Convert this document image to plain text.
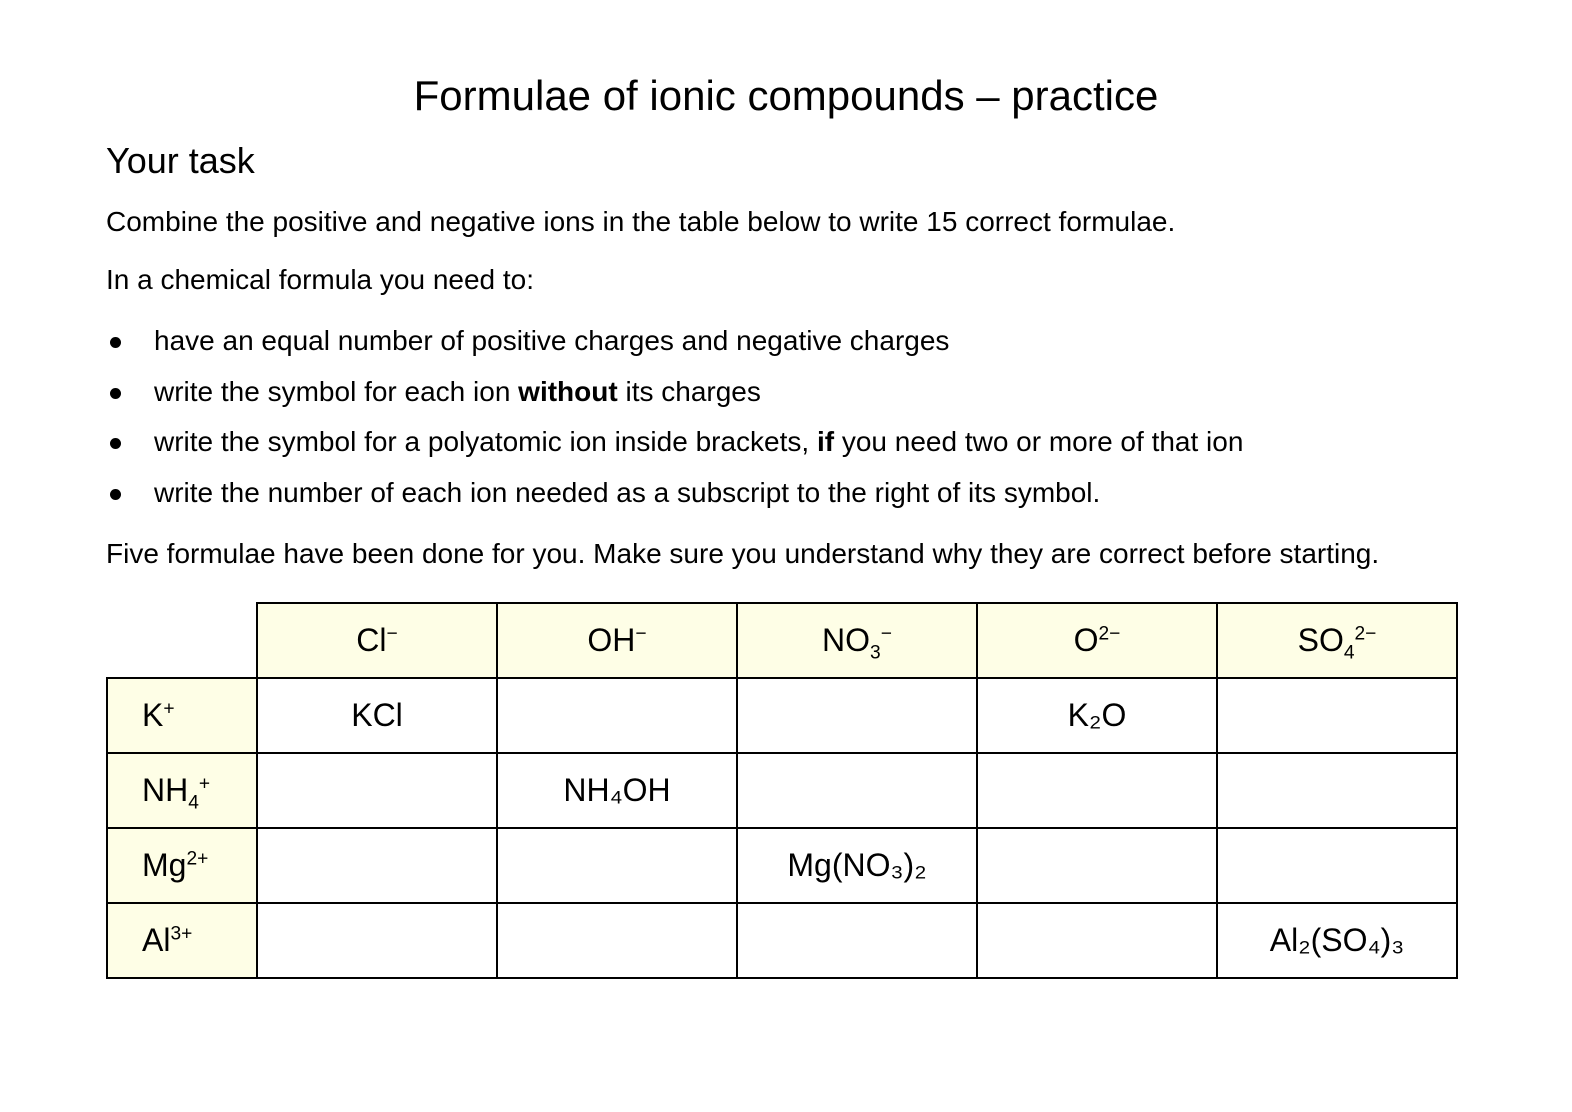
Formulae of ionic compounds – practice
Your task
Combine the positive and negative ions in the table below to write 15 correct formulae.
In a chemical formula you need to:
have an equal number of positive charges and negative charges
write the symbol for each ion without its charges
write the symbol for a polyatomic ion inside brackets, if you need two or more of that ion
write the number of each ion needed as a subscript to the right of its symbol.
Five formulae have been done for you. Make sure you understand why they are correct before starting.
	Cl−	OH−	$NO_3^-$	$O^{2-}$	$SO_4^{2-}$
K+	KCl			K₂O	
$NH_4^+$		NH₄OH			
$Mg^{2+}$			Mg(NO₃)₂		
$Al^{3+}$					Al₂(SO₄)₃
